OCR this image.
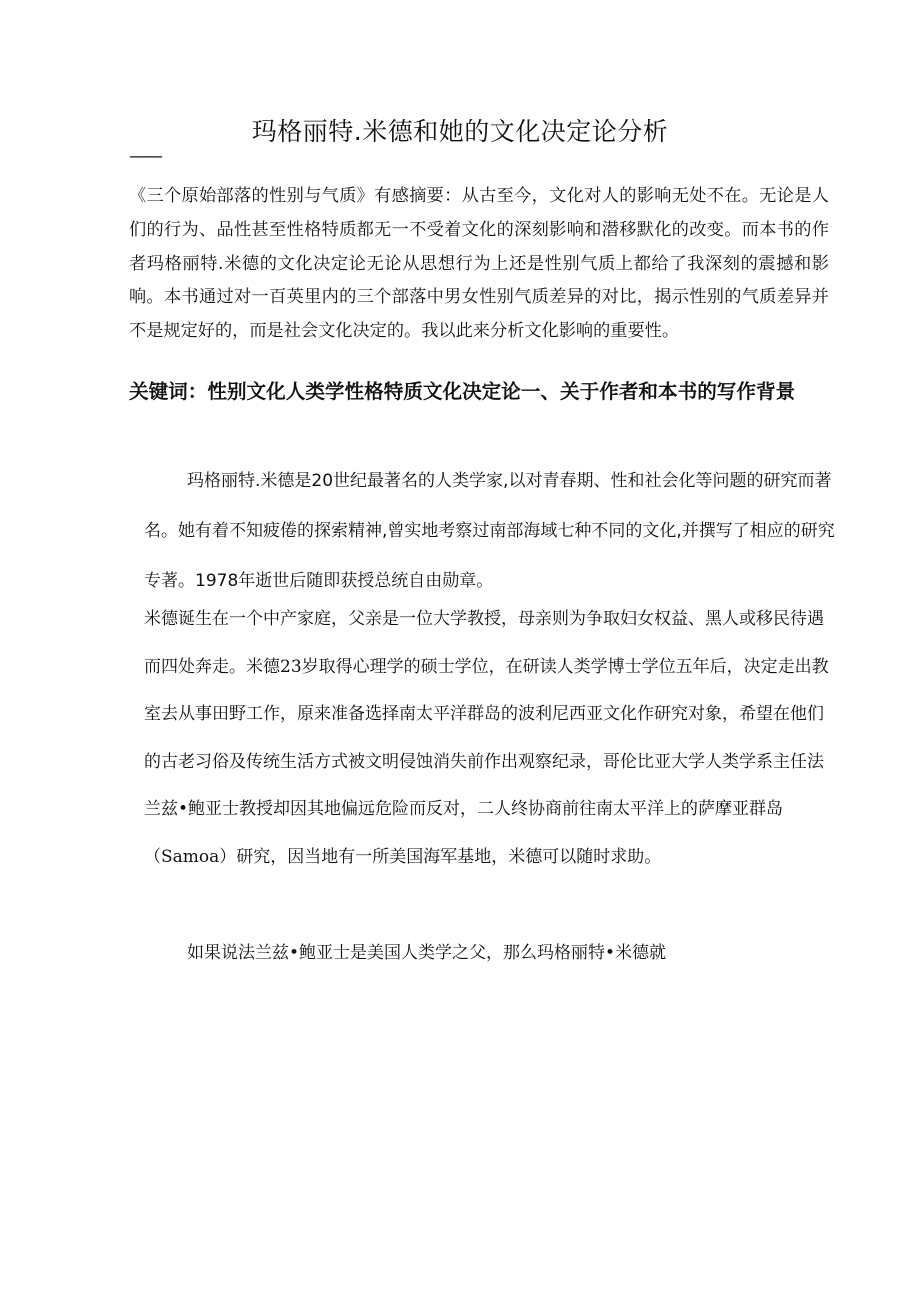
玛格丽特.米德和她的文化决定论分析
——

《三个原始部落的性别与气质》有感摘要：从古至今，文化对人的影响无处不在。无论是人们的行为、品性甚至性格特质都无一不受着文化的深刻影响和潜移默化的改变。而本书的作者玛格丽特.米德的文化决定论无论从思想行为上还是性别气质上都给了我深刻的震撼和影响。本书通过对一百英里内的三个部落中男女性别气质差异的对比，揭示性别的气质差异并不是规定好的，而是社会文化决定的。我以此来分析文化影响的重要性。

关键词：性别文化人类学性格特质文化决定论一、关于作者和本书的写作背景

玛格丽特.米德是20世纪最著名的人类学家,以对青春期、性和社会化等问题的研究而著名。她有着不知疲倦的探索精神,曾实地考察过南部海域七种不同的文化,并撰写了相应的研究专著。1978年逝世后随即获授总统自由勋章。

米德诞生在一个中产家庭，父亲是一位大学教授，母亲则为争取妇女权益、黑人或移民待遇而四处奔走。米德23岁取得心理学的硕士学位，在研读人类学博士学位五年后，决定走出教室去从事田野工作，原来准备选择南太平洋群岛的波利尼西亚文化作研究对象，希望在他们的古老习俗及传统生活方式被文明侵蚀消失前作出观察纪录，哥伦比亚大学人类学系主任法兰兹•鲍亚士教授却因其地偏远危险而反对，二人终协商前往南太平洋上的萨摩亚群岛（Samoa）研究，因当地有一所美国海军基地，米德可以随时求助。

如果说法兰兹•鲍亚士是美国人类学之父，那么玛格丽特•米德就
